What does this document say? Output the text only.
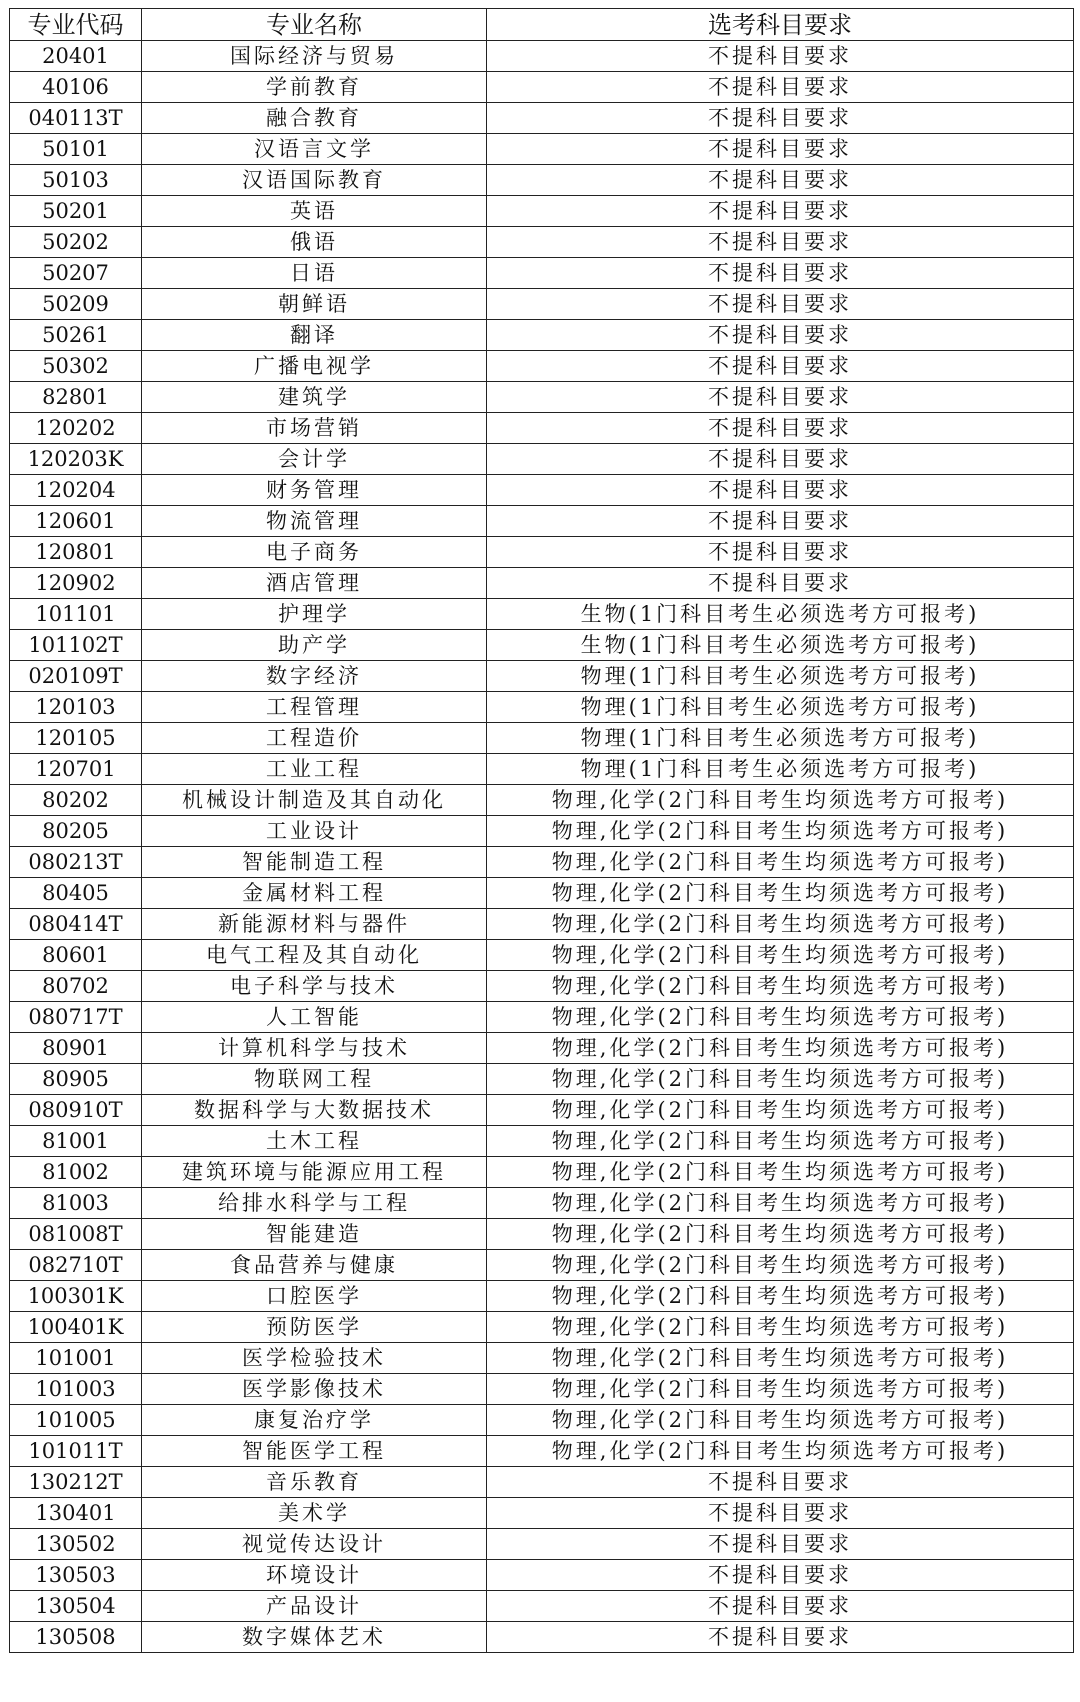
专业代码	专业名称	选考科目要求
20401	国际经济与贸易	不提科目要求
40106	学前教育	不提科目要求
040113T	融合教育	不提科目要求
50101	汉语言文学	不提科目要求
50103	汉语国际教育	不提科目要求
50201	英语	不提科目要求
50202	俄语	不提科目要求
50207	日语	不提科目要求
50209	朝鲜语	不提科目要求
50261	翻译	不提科目要求
50302	广播电视学	不提科目要求
82801	建筑学	不提科目要求
120202	市场营销	不提科目要求
120203K	会计学	不提科目要求
120204	财务管理	不提科目要求
120601	物流管理	不提科目要求
120801	电子商务	不提科目要求
120902	酒店管理	不提科目要求
101101	护理学	生物(1门科目考生必须选考方可报考)
101102T	助产学	生物(1门科目考生必须选考方可报考)
020109T	数字经济	物理(1门科目考生必须选考方可报考)
120103	工程管理	物理(1门科目考生必须选考方可报考)
120105	工程造价	物理(1门科目考生必须选考方可报考)
120701	工业工程	物理(1门科目考生必须选考方可报考)
80202	机械设计制造及其自动化	物理,化学(2门科目考生均须选考方可报考)
80205	工业设计	物理,化学(2门科目考生均须选考方可报考)
080213T	智能制造工程	物理,化学(2门科目考生均须选考方可报考)
80405	金属材料工程	物理,化学(2门科目考生均须选考方可报考)
080414T	新能源材料与器件	物理,化学(2门科目考生均须选考方可报考)
80601	电气工程及其自动化	物理,化学(2门科目考生均须选考方可报考)
80702	电子科学与技术	物理,化学(2门科目考生均须选考方可报考)
080717T	人工智能	物理,化学(2门科目考生均须选考方可报考)
80901	计算机科学与技术	物理,化学(2门科目考生均须选考方可报考)
80905	物联网工程	物理,化学(2门科目考生均须选考方可报考)
080910T	数据科学与大数据技术	物理,化学(2门科目考生均须选考方可报考)
81001	土木工程	物理,化学(2门科目考生均须选考方可报考)
81002	建筑环境与能源应用工程	物理,化学(2门科目考生均须选考方可报考)
81003	给排水科学与工程	物理,化学(2门科目考生均须选考方可报考)
081008T	智能建造	物理,化学(2门科目考生均须选考方可报考)
082710T	食品营养与健康	物理,化学(2门科目考生均须选考方可报考)
100301K	口腔医学	物理,化学(2门科目考生均须选考方可报考)
100401K	预防医学	物理,化学(2门科目考生均须选考方可报考)
101001	医学检验技术	物理,化学(2门科目考生均须选考方可报考)
101003	医学影像技术	物理,化学(2门科目考生均须选考方可报考)
101005	康复治疗学	物理,化学(2门科目考生均须选考方可报考)
101011T	智能医学工程	物理,化学(2门科目考生均须选考方可报考)
130212T	音乐教育	不提科目要求
130401	美术学	不提科目要求
130502	视觉传达设计	不提科目要求
130503	环境设计	不提科目要求
130504	产品设计	不提科目要求
130508	数字媒体艺术	不提科目要求
